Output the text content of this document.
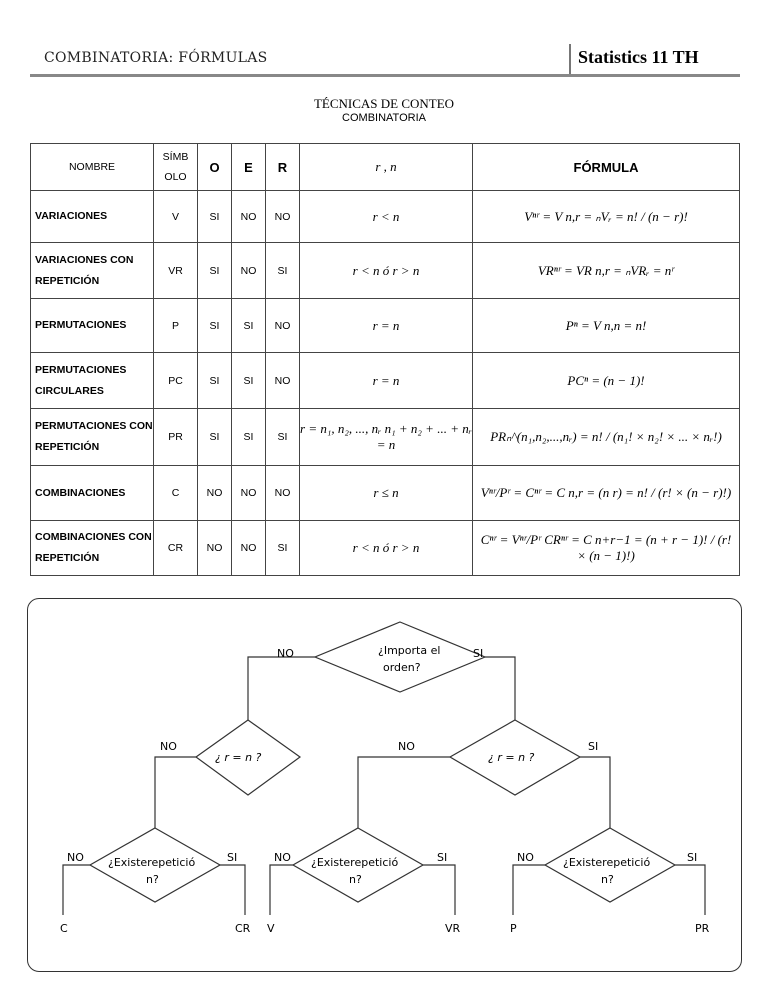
COMBINATORIA: FÓRMULAS	Statistics 11 TH
TÉCNICAS DE CONTEO
COMBINATORIA
NOMBRE	SÍMB OLO	O	E	R	r , n	FÓRMULA
VARIACIONES	V	SI	NO	NO	r < n	Vⁿʳ = V n,r = ₙVᵣ = n! / (n − r)!
VARIACIONES CON REPETICIÓN	VR	SI	NO	SI	r < n ó r > n	VRⁿʳ = VR n,r = ₙVRᵣ = nʳ
PERMUTACIONES	P	SI	SI	NO	r = n	Pⁿ = V n,n = n!
PERMUTACIONES CIRCULARES	PC	SI	SI	NO	r = n	PCⁿ = (n − 1)!
PERMUTACIONES CON REPETICIÓN	PR	SI	SI	SI	r = n₁, n₂, ..., nᵣ n₁ + n₂ + ... + nᵣ = n	PRₙ^(n₁,n₂,...,nᵣ) = n! / (n₁! × n₂! × ... × nᵣ!)
COMBINACIONES	C	NO	NO	NO	r ≤ n	Vⁿʳ/Pʳ = Cⁿʳ = C n,r = (n r) = n! / (r! × (n − r)!)
COMBINACIONES CON REPETICIÓN	CR	NO	NO	SI	r < n ó r > n	Cⁿʳ = Vⁿʳ/Pʳ CRⁿʳ = C n+r−1 = (n + r − 1)! / (r! × (n − 1)!)
¿Importa el
orden?
NO	SI
¿ r = n ?
NO
¿ r = n ?
NO	SI
¿Existerepetició
n?
NO	SI
C	CR
¿Existerepetició
n?
NO	SI
V	VR
¿Existerepetició
n?
NO	SI
P	PR
